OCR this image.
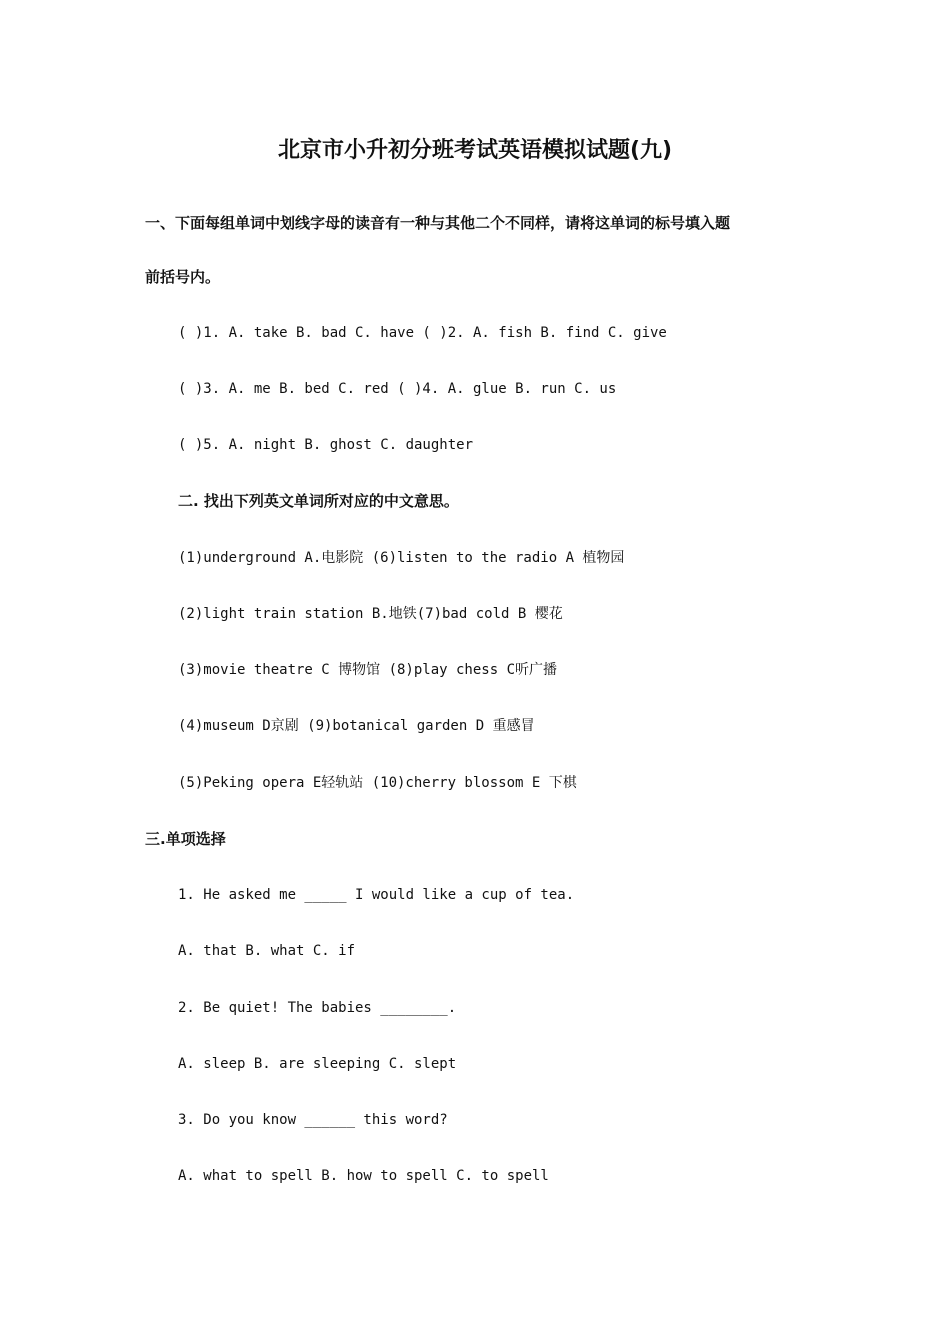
北京市小升初分班考试英语模拟试题(九)
一、下面每组单词中划线字母的读音有一种与其他二个不同样，请将这单词的标号填入题
前括号内。
( )1. A. take B. bad C. have ( )2. A. fish B. find C. give
( )3. A. me B. bed C. red ( )4. A. glue B. run C. us
( )5. A. night B. ghost C. daughter
二. 找出下列英文单词所对应的中文意思。
(1)underground A.电影院 (6)listen to the radio A 植物园
(2)light train station B.地铁(7)bad cold B 樱花
(3)movie theatre C 博物馆 (8)play chess C听广播
(4)museum D京剧 (9)botanical garden D 重感冒
(5)Peking opera E轻轨站 (10)cherry blossom E 下棋
三.单项选择
1. He asked me _____ I would like a cup of tea.
A. that B. what C. if
2. Be quiet! The babies ________.
A. sleep B. are sleeping C. slept
3. Do you know ______ this word?
A. what to spell B. how to spell C. to spell
